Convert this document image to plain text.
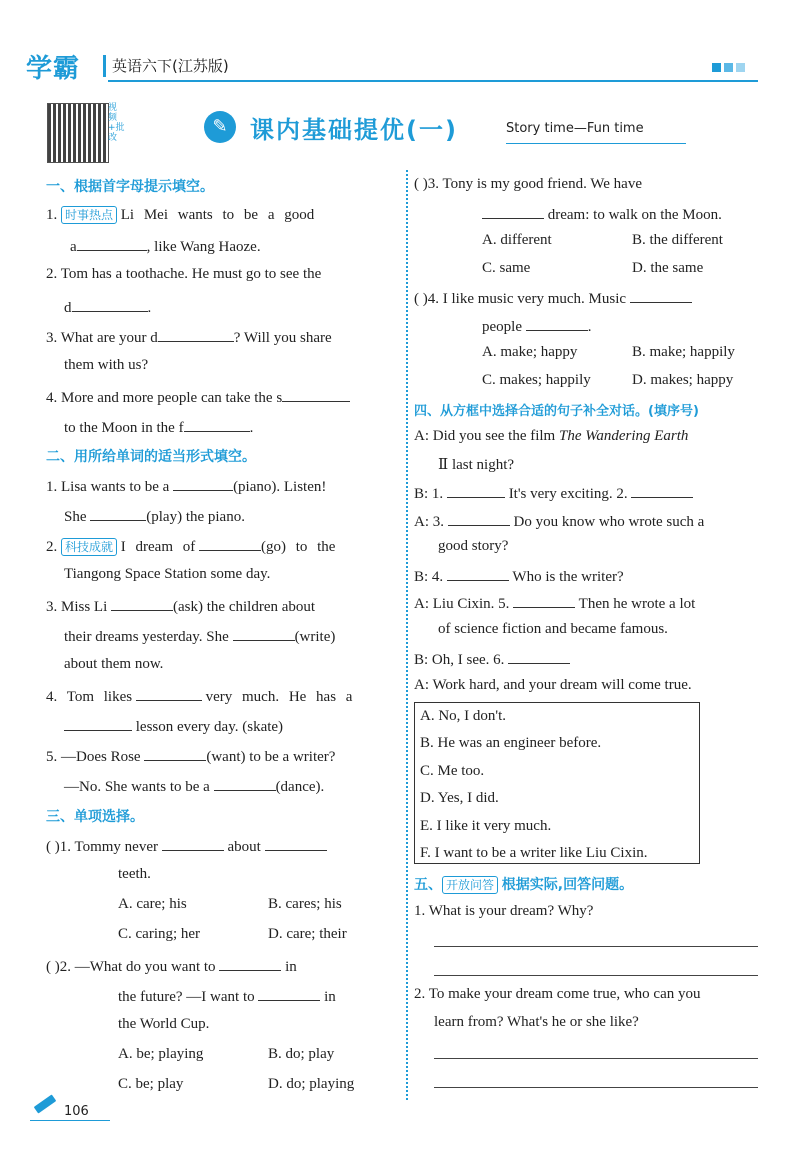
学霸 英语六下(江苏版)
视频+批改
✎ 课内基础提优(一)	Story time—Fun time
一、根据首字母提示填空。
1. 时事热点 Li Mei wants to be a good
a	, like Wang Haoze.
2. Tom has a toothache. He must go to see the
d	.
3. What are your d	? Will you share
them with us?
4. More and more people can take the s
to the Moon in the f	.
二、用所给单词的适当形式填空。
1. Lisa wants to be a	(piano). Listen!
She	(play) the piano.
2. 科技成就 I dream of	(go) to the
Tiangong Space Station some day.
3. Miss Li	(ask) the children about
their dreams yesterday. She	(write)
about them now.
4. Tom likes	very much. He has a
lesson every day. (skate)
5. —Does Rose	(want) to be a writer?
—No. She wants to be a	(dance).
三、单项选择。
( )1. Tommy never	about
teeth.
A. care; his	B. cares; his
C. caring; her	D. care; their
( )2. —What do you want to	in
the future? —I want to	in
the World Cup.
A. be; playing	B. do; play
C. be; play	D. do; playing
( )3. Tony is my good friend. We have
dream: to walk on the Moon.
A. different	B. the different
C. same	D. the same
( )4. I like music very much. Music
people	.
A. make; happy	B. make; happily
C. makes; happily	D. makes; happy
四、从方框中选择合适的句子补全对话。(填序号)
A: Did you see the film The Wandering Earth
Ⅱ last night?
B: 1.	It's very exciting. 2.
A: 3.	Do you know who wrote such a
good story?
B: 4.	Who is the writer?
A: Liu Cixin. 5.	Then he wrote a lot
of science fiction and became famous.
B: Oh, I see. 6.
A: Work hard, and your dream will come true.
A. No, I don't.
B. He was an engineer before.
C. Me too.
D. Yes, I did.
E. I like it very much.
F. I want to be a writer like Liu Cixin.
五、 开放问答 根据实际,回答问题。
1. What is your dream? Why?
2. To make your dream come true, who can you
learn from? What's he or she like?
106
